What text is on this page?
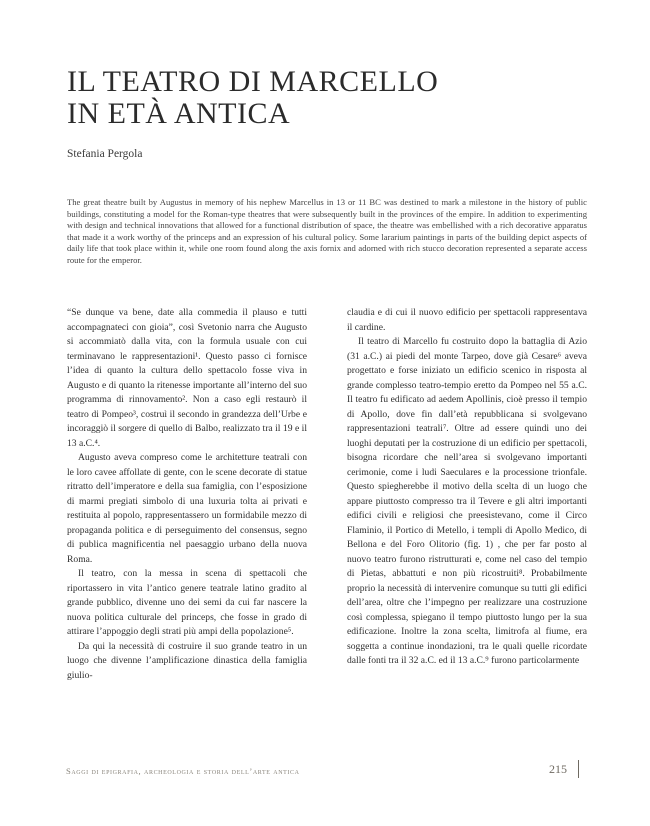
IL TEATRO DI MARCELLO
IN ETÀ ANTICA
Stefania Pergola

The great theatre built by Augustus in memory of his nephew Marcellus in 13 or 11 BC was destined to mark a milestone in the history of public buildings, constituting a model for the Roman-type theatres that were subsequently built in the provinces of the empire. In addition to experimenting with design and technical innovations that allowed for a functional distribution of space, the theatre was embellished with a rich decorative apparatus that made it a work worthy of the princeps and an expression of his cultural policy. Some lararium paintings in parts of the building depict aspects of daily life that took place within it, while one room found along the axis fornix and adorned with rich stucco decoration represented a separate access route for the emperor.

“Se dunque va bene, date alla commedia il plauso e tutti accompagnateci con gioia”, così Svetonio narra che Augusto si accommiatò dalla vita, con la formula usuale con cui terminavano le rappresentazioni¹. Questo passo ci fornisce l’idea di quanto la cultura dello spettacolo fosse viva in Augusto e di quanto la ritenesse importante all’interno del suo programma di rinnovamento². Non a caso egli restaurò il teatro di Pompeo³, costruì il secondo in grandezza dell’Urbe e incoraggiò il sorgere di quello di Balbo, realizzato tra il 19 e il 13 a.C.⁴.

Augusto aveva compreso come le architetture teatrali con le loro cavee affollate di gente, con le scene decorate di statue ritratto dell’imperatore e della sua famiglia, con l’esposizione di marmi pregiati simbolo di una luxuria tolta ai privati e restituita al popolo, rappresentassero un formidabile mezzo di propaganda politica e di perseguimento del consensus, segno di publica magnificentia nel paesaggio urbano della nuova Roma.

Il teatro, con la messa in scena di spettacoli che riportassero in vita l’antico genere teatrale latino gradito al grande pubblico, divenne uno dei semi da cui far nascere la nuova politica culturale del princeps, che fosse in grado di attirare l’appoggio degli strati più ampi della popolazione⁵.

Da qui la necessità di costruire il suo grande teatro in un luogo che divenne l’amplificazione dinastica della famiglia giulio-

claudia e di cui il nuovo edificio per spettacoli rappresentava il cardine.

Il teatro di Marcello fu costruito dopo la battaglia di Azio (31 a.C.) ai piedi del monte Tarpeo, dove già Cesare⁶ aveva progettato e forse iniziato un edificio scenico in risposta al grande complesso teatro-tempio eretto da Pompeo nel 55 a.C. Il teatro fu edificato ad aedem Apollinis, cioè presso il tempio di Apollo, dove fin dall’età repubblicana si svolgevano rappresentazioni teatrali⁷. Oltre ad essere quindi uno dei luoghi deputati per la costruzione di un edificio per spettacoli, bisogna ricordare che nell’area si svolgevano importanti cerimonie, come i ludi Saeculares e la processione trionfale. Questo spiegherebbe il motivo della scelta di un luogo che appare piuttosto compresso tra il Tevere e gli altri importanti edifici civili e religiosi che preesistevano, come il Circo Flaminio, il Portico di Metello, i templi di Apollo Medico, di Bellona e del Foro Olitorio (fig. 1) , che per far posto al nuovo teatro furono ristrutturati e, come nel caso del tempio di Pietas, abbattuti e non più ricostruiti⁸. Probabilmente proprio la necessità di intervenire comunque su tutti gli edifici dell’area, oltre che l’impegno per realizzare una costruzione così complessa, spiegano il tempo piuttosto lungo per la sua edificazione. Inoltre la zona scelta, limitrofa al fiume, era soggetta a continue inondazioni, tra le quali quelle ricordate dalle fonti tra il 32 a.C. ed il 13 a.C.⁹ furono particolarmente

Saggi di epigrafia, archeologia e storia dell’arte antica	215
